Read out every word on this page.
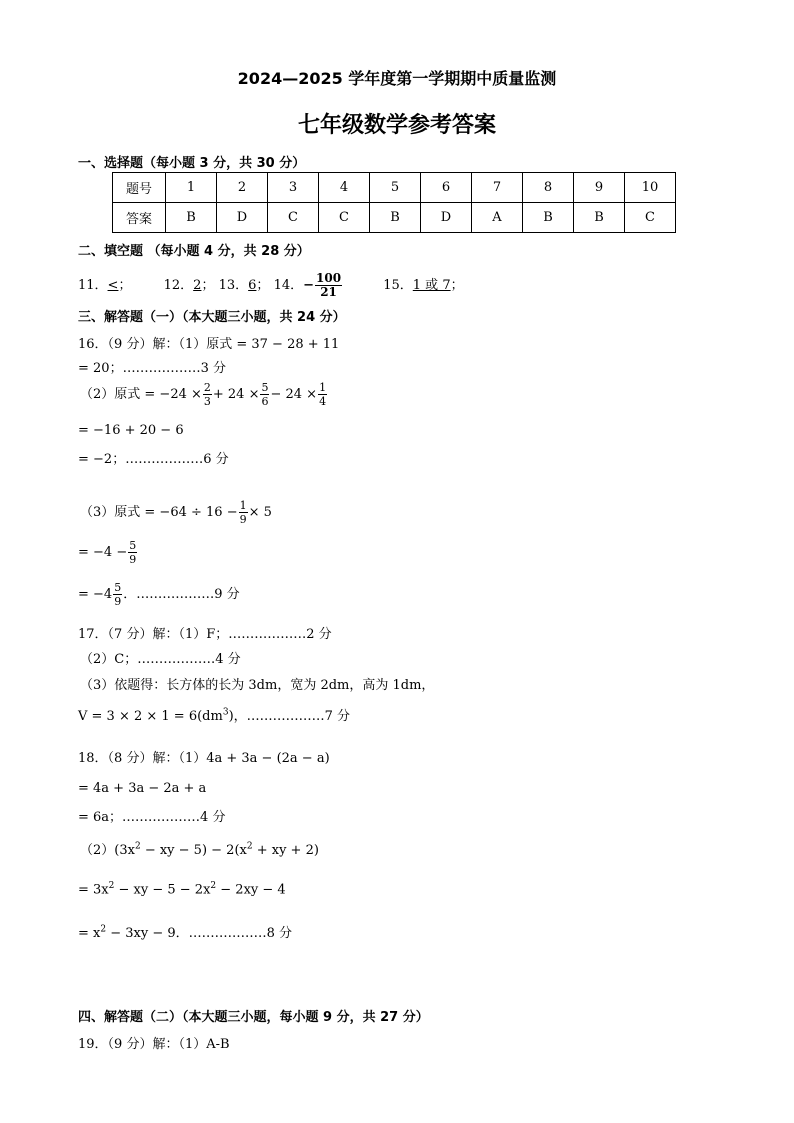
2024—2025 学年度第一学期期中质量监测
七年级数学参考答案
一、选择题（每小题 3 分，共 30 分）
题号	1	2	3	4	5	6	7	8	9	10
答案	B	D	C	C	B	D	A	B	B	C
二、填空题 （每小题 4 分，共 28 分）
11．<； 12．2； 13．6； 14．− $\frac{100}{21}$	15．1 或 7；
三、解答题（一）（本大题三小题，共 24 分）
16．（9 分）解：（1）原式 = 37 − 28 + 11
= 20；………………3 分
（2）原式 = $-24 \times \frac{2}{3} + 24 \times \frac{5}{6} - 24 \times \frac{1}{4}$
= −16 + 20 − 6
= −2；………………6 分
（3）原式 = $-64 \div 16 - \frac{1}{9} \times 5$
= $-4 - \frac{5}{9}$
= $-4 \frac{5}{9}$ ．………………9 分
17．（7 分）解：（1）F；………………2 分
（2）C；………………4 分
（3）依题得：长方体的长为 3dm，宽为 2dm，高为 1dm，
$V = 3 \times 2 \times 1 = 6(dm^3)$，………………7 分
18．（8 分）解：（1）4a + 3a − (2a − a)
= 4a + 3a − 2a + a
= 6a；………………4 分
$(2)(3x^2$ − xy − $5) - 2(x^2$ + xy + 2)
= $3x^2$ − xy − $5 - 2x^2 - 2xy - 4$
= $x^2 - 3xy - 9$．………………8 分
四、解答题（二）（本大题三小题，每小题 9 分，共 27 分）
19．（9 分）解：（1）A-B
